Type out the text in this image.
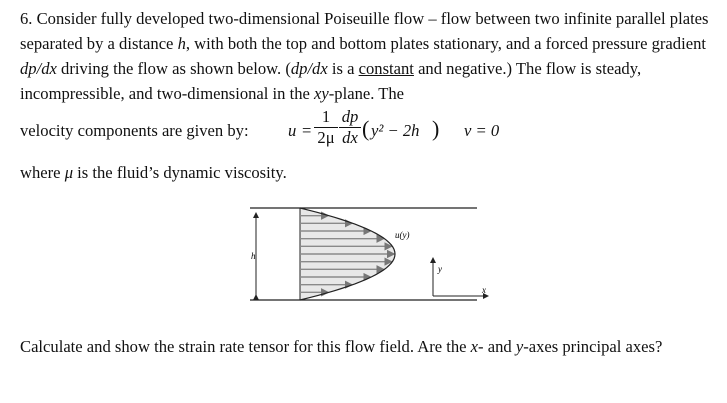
6. Consider fully developed two-dimensional Poiseuille flow – flow between two infinite parallel plates separated by a distance h, with both the top and bottom plates stationary, and a forced pressure gradient dp/dx driving the flow as shown below. (dp/dx is a constant and negative.) The flow is steady, incompressible, and two-dimensional in the xy-plane. The

velocity components are given by: u =
1
2μ
dp
dx ( y² − 2h ) v = 0

where μ is the fluid’s dynamic viscosity.

h
u(y)
y
x

Calculate and show the strain rate tensor for this flow field. Are the x- and y-axes principal axes?
